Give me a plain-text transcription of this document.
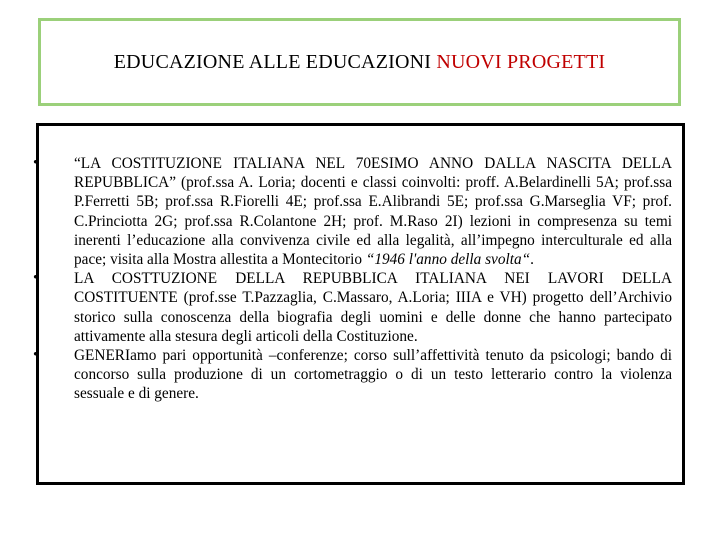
EDUCAZIONE ALLE EDUCAZIONI NUOVI PROGETTI
• “LA COSTITUZIONE ITALIANA NEL 70ESIMO ANNO DALLA NASCITA DELLA REPUBBLICA” (prof.ssa A. Loria; docenti e classi coinvolti: proff. A.Belardinelli 5A; prof.ssa P.Ferretti 5B; prof.ssa R.Fiorelli 4E; prof.ssa E.Alibrandi 5E; prof.ssa G.Marseglia VF; prof. C.Princiotta 2G; prof.ssa R.Colantone 2H; prof. M.Raso 2I) lezioni in compresenza su temi inerenti l’educazione alla convivenza civile ed alla legalità, all’impegno interculturale ed alla pace; visita alla Mostra allestita a Montecitorio “1946 l'anno della svolta“.
• LA COSTTUZIONE DELLA REPUBBLICA ITALIANA NEI LAVORI DELLA COSTITUENTE (prof.sse T.Pazzaglia, C.Massaro, A.Loria; IIIA e VH) progetto dell’Archivio storico sulla conoscenza della biografia degli uomini e delle donne che hanno partecipato attivamente alla stesura degli articoli della Costituzione.
• GENERIamo pari opportunità –conferenze; corso sull’affettività tenuto da psicologi; bando di concorso sulla produzione di un cortometraggio o di un testo letterario contro la violenza sessuale e di genere.
